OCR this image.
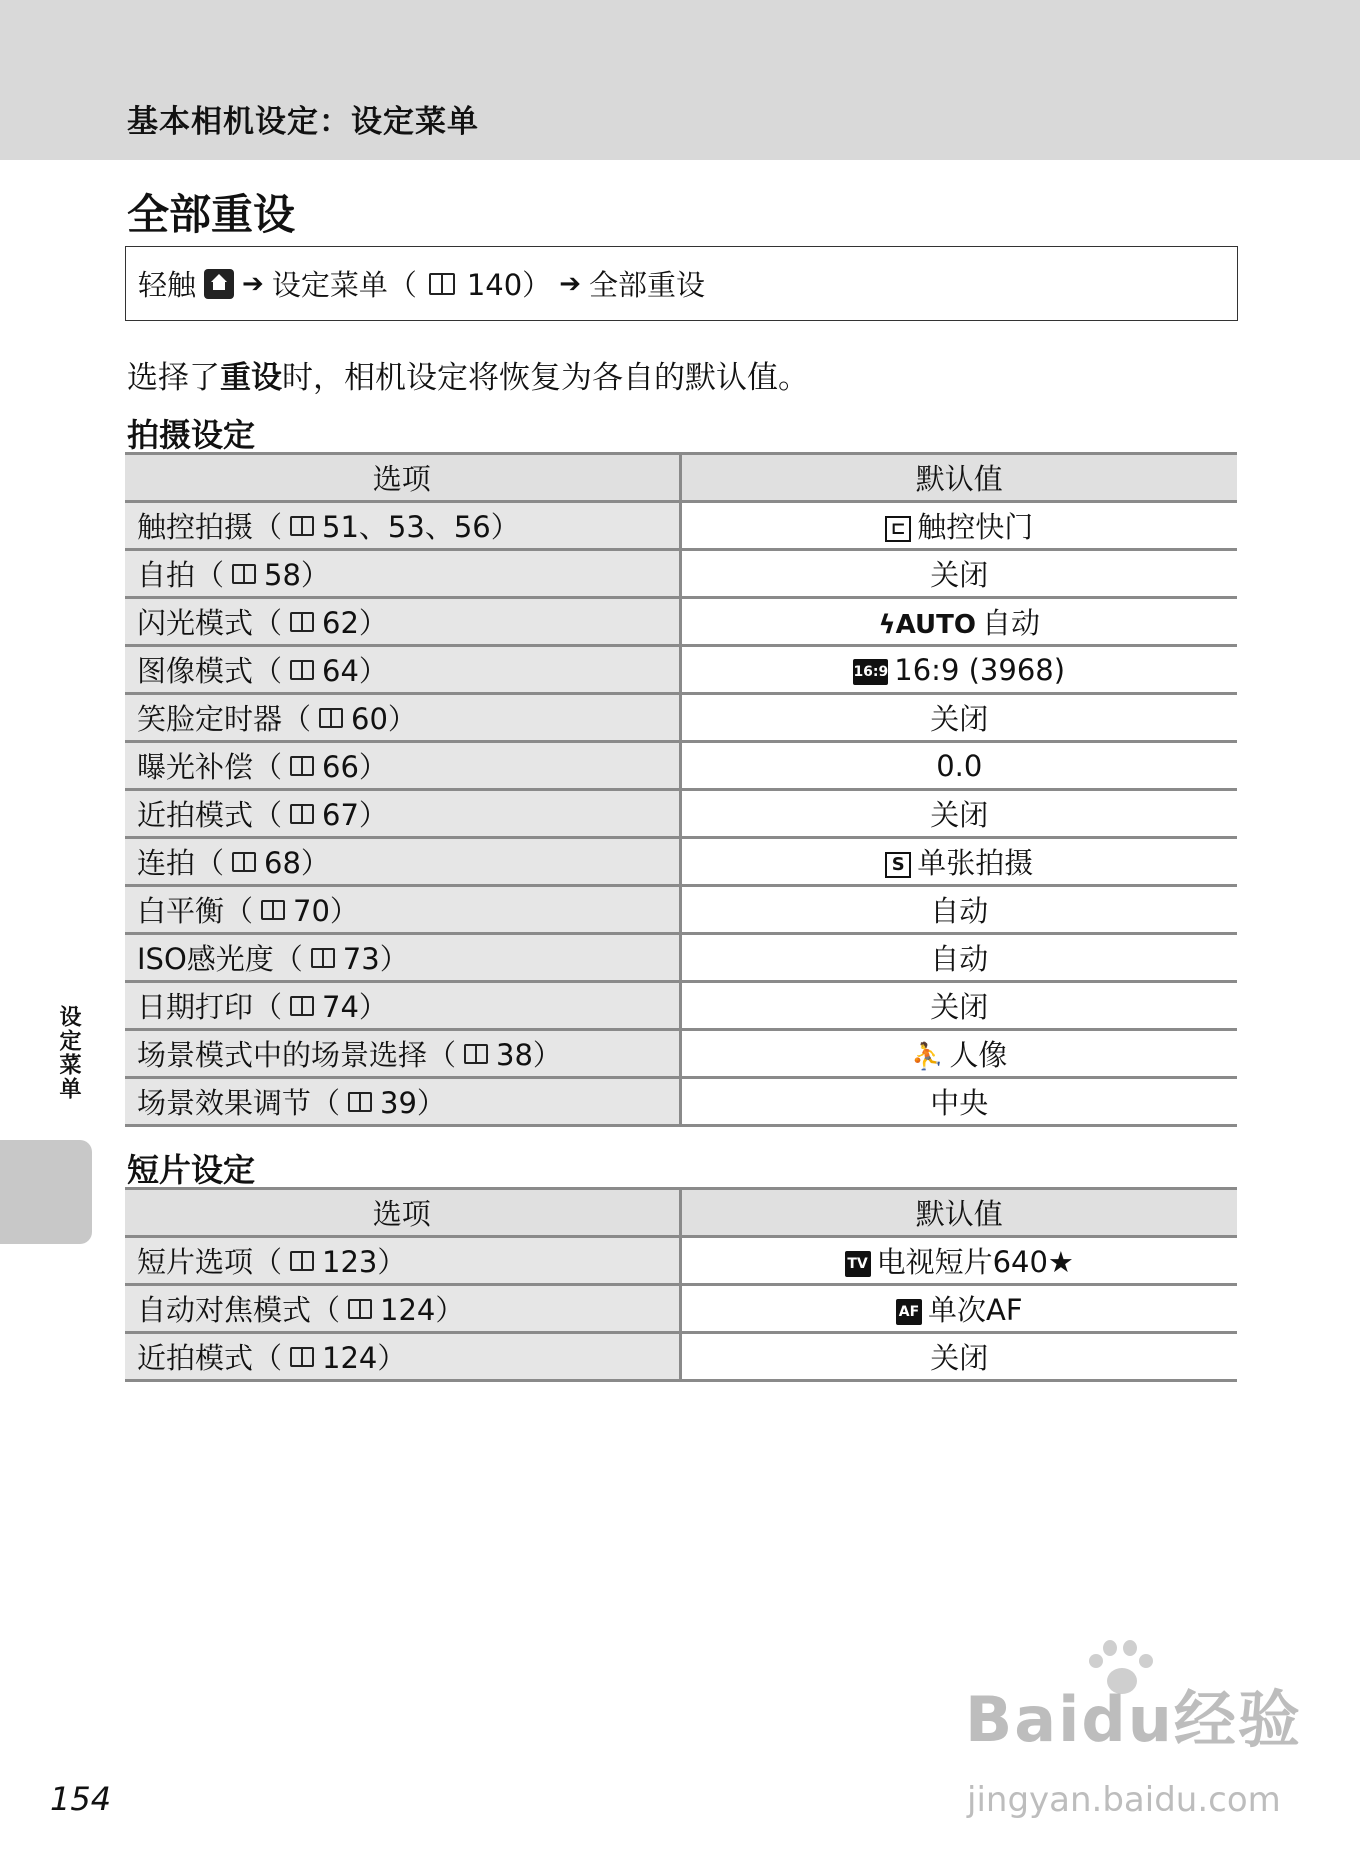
基本相机设定：设定菜单
全部重设
轻触 ➔ 设定菜单（ 140） ➔ 全部重设
选择了重设时，相机设定将恢复为各自的默认值。
拍摄设定
选项	默认值

触控拍摄（ 51、53、56）	⊏ 触控快门

自拍（ 58）	关闭

闪光模式（ 62）	ϟAUTO 自动

图像模式（ 64）	16:9 16:9 (3968)

笑脸定时器（ 60）	关闭

曝光补偿（ 66）	0.0

近拍模式（ 67）	关闭

连拍（ 68）	S 单张拍摄

白平衡（ 70）	自动

ISO感光度（ 73）	自动

日期打印（ 74）	关闭

场景模式中的场景选择（ 38）	⛹ 人像

场景效果调节（ 39）	中央
短片设定
选项	默认值

短片选项（ 123）	TV 电视短片640★

自动对焦模式（ 124）	AF 单次AF

近拍模式（ 124）	关闭
设定菜单
154
Baidu经验
jingyan.baidu.com
